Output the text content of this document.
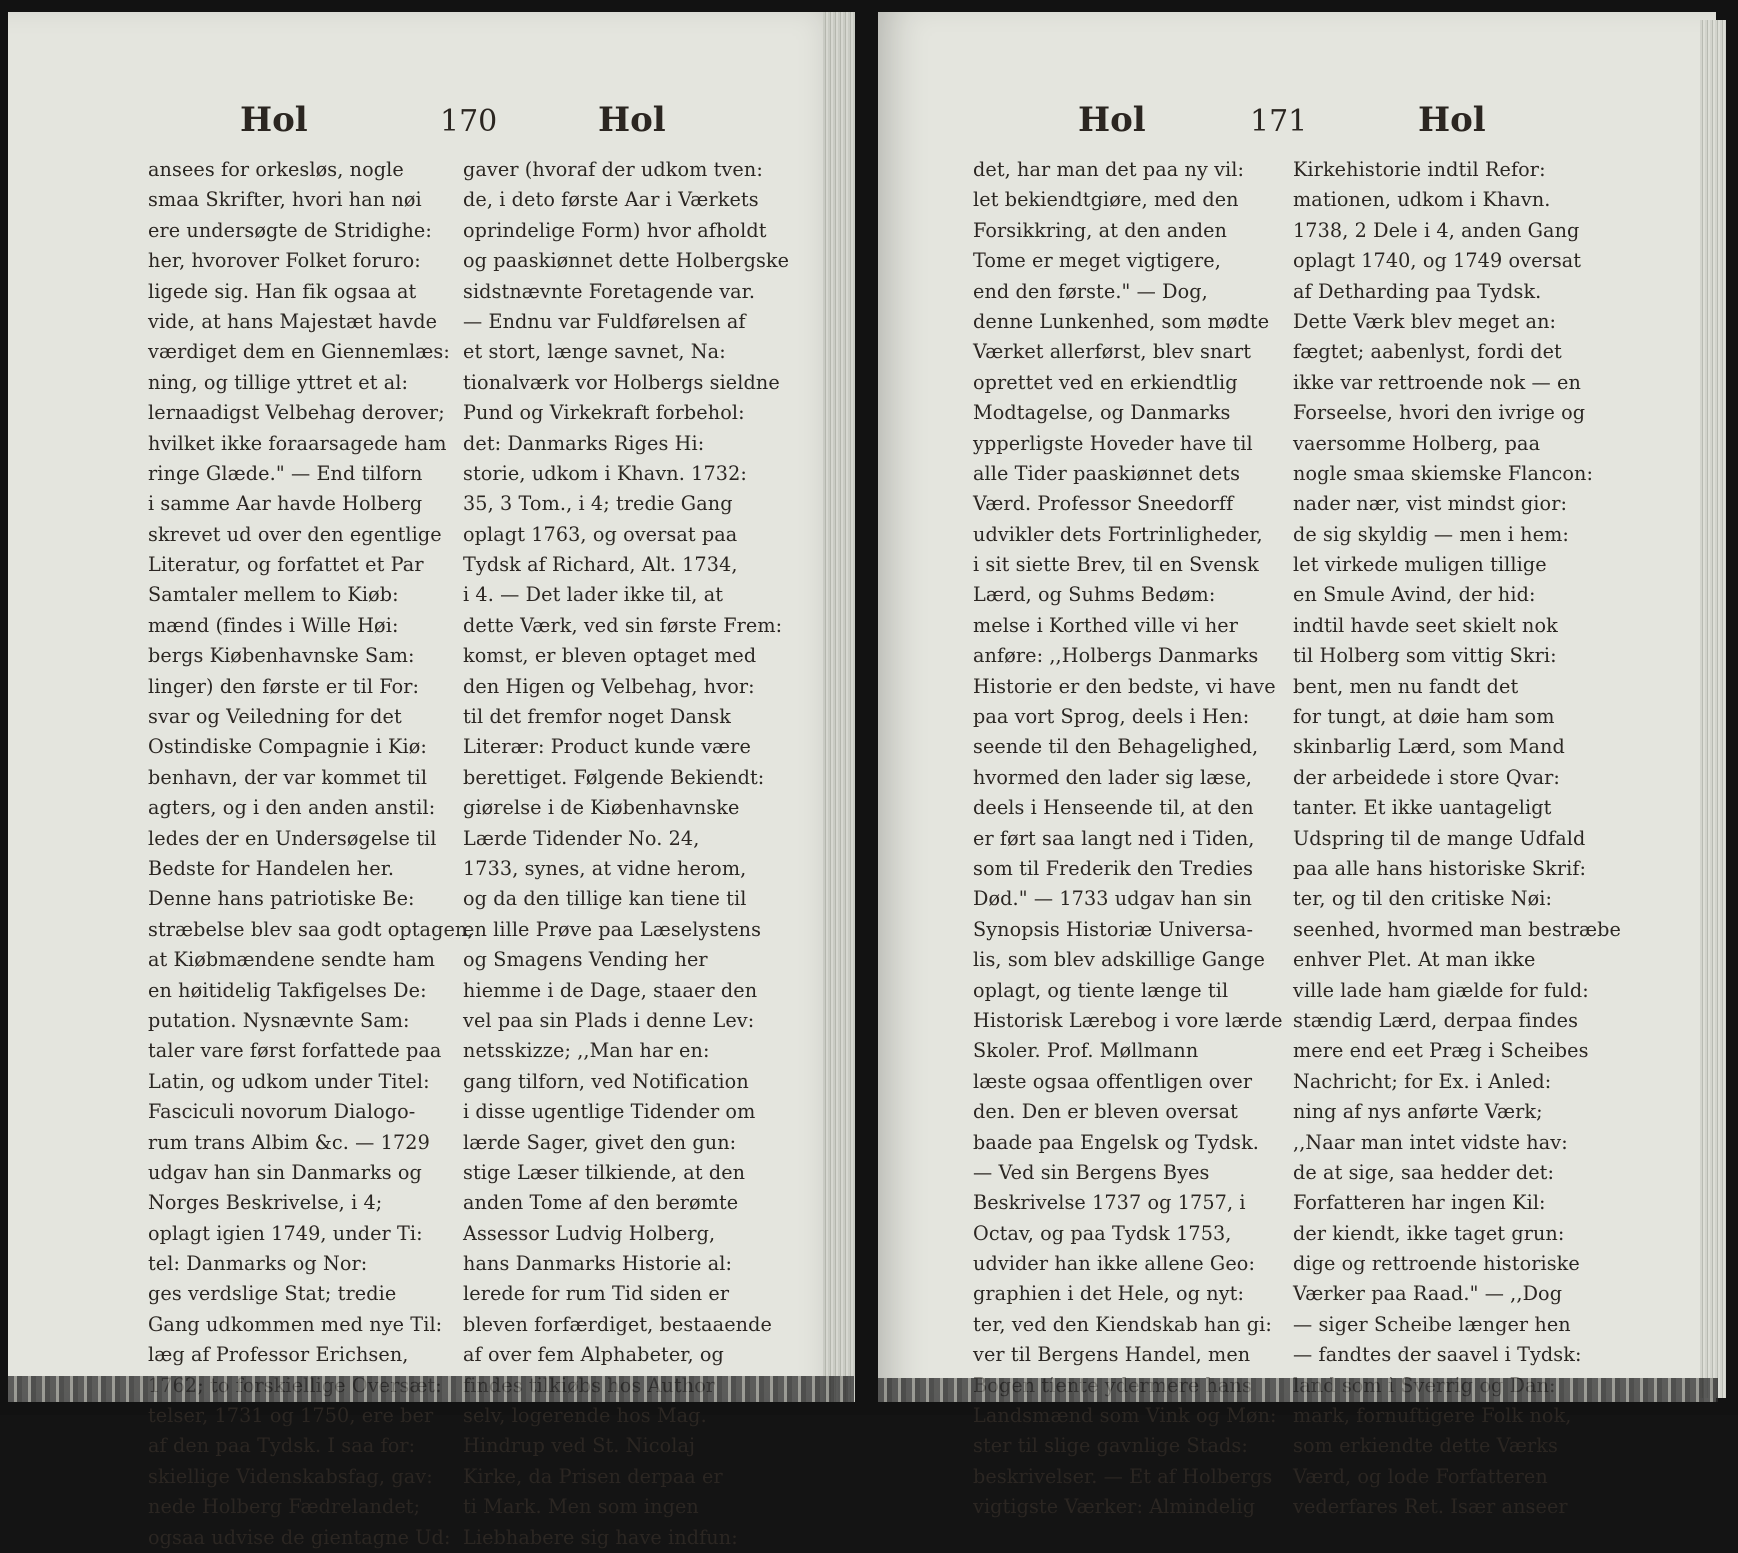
Hol	170	Hol
ansees for orkesløs, nogle
smaa Skrifter, hvori han nøi
ere undersøgte de Stridighe:
her, hvorover Folket foruro:
ligede sig. Han fik ogsaa at
vide, at hans Majestæt havde
værdiget dem en Giennemlæs:
ning, og tillige yttret et al:
lernaadigst Velbehag derover;
hvilket ikke foraarsagede ham
ringe Glæde." — End tilforn
i samme Aar havde Holberg
skrevet ud over den egentlige
Literatur, og forfattet et Par
Samtaler mellem to Kiøb:
mænd (findes i Wille Høi:
bergs Kiøbenhavnske Sam:
linger) den første er til For:
svar og Veiledning for det
Ostindiske Compagnie i Kiø:
benhavn, der var kommet til
agters, og i den anden anstil:
ledes der en Undersøgelse til
Bedste for Handelen her.
Denne hans patriotiske Be:
stræbelse blev saa godt optagen,
at Kiøbmændene sendte ham
en høitidelig Takfigelses De:
putation. Nysnævnte Sam:
taler vare først forfattede paa
Latin, og udkom under Titel:
Fasciculi novorum Dialogo-
rum trans Albim &c. — 1729
udgav han sin Danmarks og
Norges Beskrivelse, i 4;
oplagt igien 1749, under Ti:
tel: Danmarks og Nor:
ges verdslige Stat; tredie
Gang udkommen med nye Til:
læg af Professor Erichsen,
telser, 1731 og 1750, ere ber
af den paa Tydsk. I saa for:
skiellige Videnskabsfag, gav:
nede Holberg Fædrelandet;
ogsaa udvise de gientagne Ud:
gaver (hvoraf der udkom tven:
de, i deto første Aar i Værkets
oprindelige Form) hvor afholdt
og paaskiønnet dette Holbergske
sidstnævnte Foretagende var.
— Endnu var Fuldførelsen af
et stort, længe savnet, Na:
tionalværk vor Holbergs sieldne
Pund og Virkekraft forbehol:
det: Danmarks Riges Hi:
storie, udkom i Khavn. 1732:
35, 3 Tom., i 4; tredie Gang
oplagt 1763, og oversat paa
Tydsk af Richard, Alt. 1734,
i 4. — Det lader ikke til, at
dette Værk, ved sin første Frem:
komst, er bleven optaget med
den Higen og Velbehag, hvor:
til det fremfor noget Dansk
Literær: Product kunde være
berettiget. Følgende Bekiendt:
giørelse i de Kiøbenhavnske
Lærde Tidender No. 24,
1733, synes, at vidne herom,
og da den tillige kan tiene til
en lille Prøve paa Læselystens
og Smagens Vending her
hiemme i de Dage, staaer den
vel paa sin Plads i denne Lev:
netsskizze; ,,Man har en:
gang tilforn, ved Notification
i disse ugentlige Tidender om
lærde Sager, givet den gun:
stige Læser tilkiende, at den
anden Tome af den berømte
Assessor Ludvig Holberg,
hans Danmarks Historie al:
lerede for rum Tid siden er
bleven forfærdiget, bestaaende
af over fem Alphabeter, og
selv, logerende hos Mag.
Hindrup ved St. Nicolaj
Kirke, da Prisen derpaa er
ti Mark. Men som ingen
Liebhabere sig have indfun:
Hol	171	Hol
det, har man det paa ny vil:
let bekiendtgiøre, med den
Forsikkring, at den anden
Tome er meget vigtigere,
end den første." — Dog,
denne Lunkenhed, som mødte
Værket allerførst, blev snart
oprettet ved en erkiendtlig
Modtagelse, og Danmarks
ypperligste Hoveder have til
alle Tider paaskiønnet dets
Værd. Professor Sneedorff
udvikler dets Fortrinligheder,
i sit siette Brev, til en Svensk
Lærd, og Suhms Bedøm:
melse i Korthed ville vi her
anføre: ,,Holbergs Danmarks
Historie er den bedste, vi have
paa vort Sprog, deels i Hen:
seende til den Behagelighed,
hvormed den lader sig læse,
deels i Henseende til, at den
er ført saa langt ned i Tiden,
som til Frederik den Tredies
Død." — 1733 udgav han sin
Synopsis Historiæ Universa-
lis, som blev adskillige Gange
oplagt, og tiente længe til
Historisk Lærebog i vore lærde
Skoler. Prof. Møllmann
læste ogsaa offentligen over
den. Den er bleven oversat
baade paa Engelsk og Tydsk.
— Ved sin Bergens Byes
Beskrivelse 1737 og 1757, i
Octav, og paa Tydsk 1753,
udvider han ikke allene Geo:
graphien i det Hele, og nyt:
ter, ved den Kiendskab han gi:
ver til Bergens Handel, men
Landsmænd som Vink og Møn:
ster til slige gavnlige Stads:
beskrivelser. — Et af Holbergs
vigtigste Værker: Almindelig
Kirkehistorie indtil Refor:
mationen, udkom i Khavn.
1738, 2 Dele i 4, anden Gang
oplagt 1740, og 1749 oversat
af Detharding paa Tydsk.
Dette Værk blev meget an:
fægtet; aabenlyst, fordi det
ikke var rettroende nok — en
Forseelse, hvori den ivrige og
vaersomme Holberg, paa
nogle smaa skiemske Flancon:
nader nær, vist mindst gior:
de sig skyldig — men i hem:
let virkede muligen tillige
en Smule Avind, der hid:
indtil havde seet skielt nok
til Holberg som vittig Skri:
bent, men nu fandt det
for tungt, at døie ham som
skinbarlig Lærd, som Mand
der arbeidede i store Qvar:
tanter. Et ikke uantageligt
Udspring til de mange Udfald
paa alle hans historiske Skrif:
ter, og til den critiske Nøi:
seenhed, hvormed man bestræbe
enhver Plet. At man ikke
ville lade ham giælde for fuld:
stændig Lærd, derpaa findes
mere end eet Præg i Scheibes
Nachricht; for Ex. i Anled:
ning af nys anførte Værk;
,,Naar man intet vidste hav:
de at sige, saa hedder det:
Forfatteren har ingen Kil:
der kiendt, ikke taget grun:
dige og rettroende historiske
Værker paa Raad." — ,,Dog
— siger Scheibe længer hen
— fandtes der saavel i Tydsk:
mark, fornuftigere Folk nok,
som erkiendte dette Værks
Værd, og lode Forfatteren
vederfares Ret. Især anseer
